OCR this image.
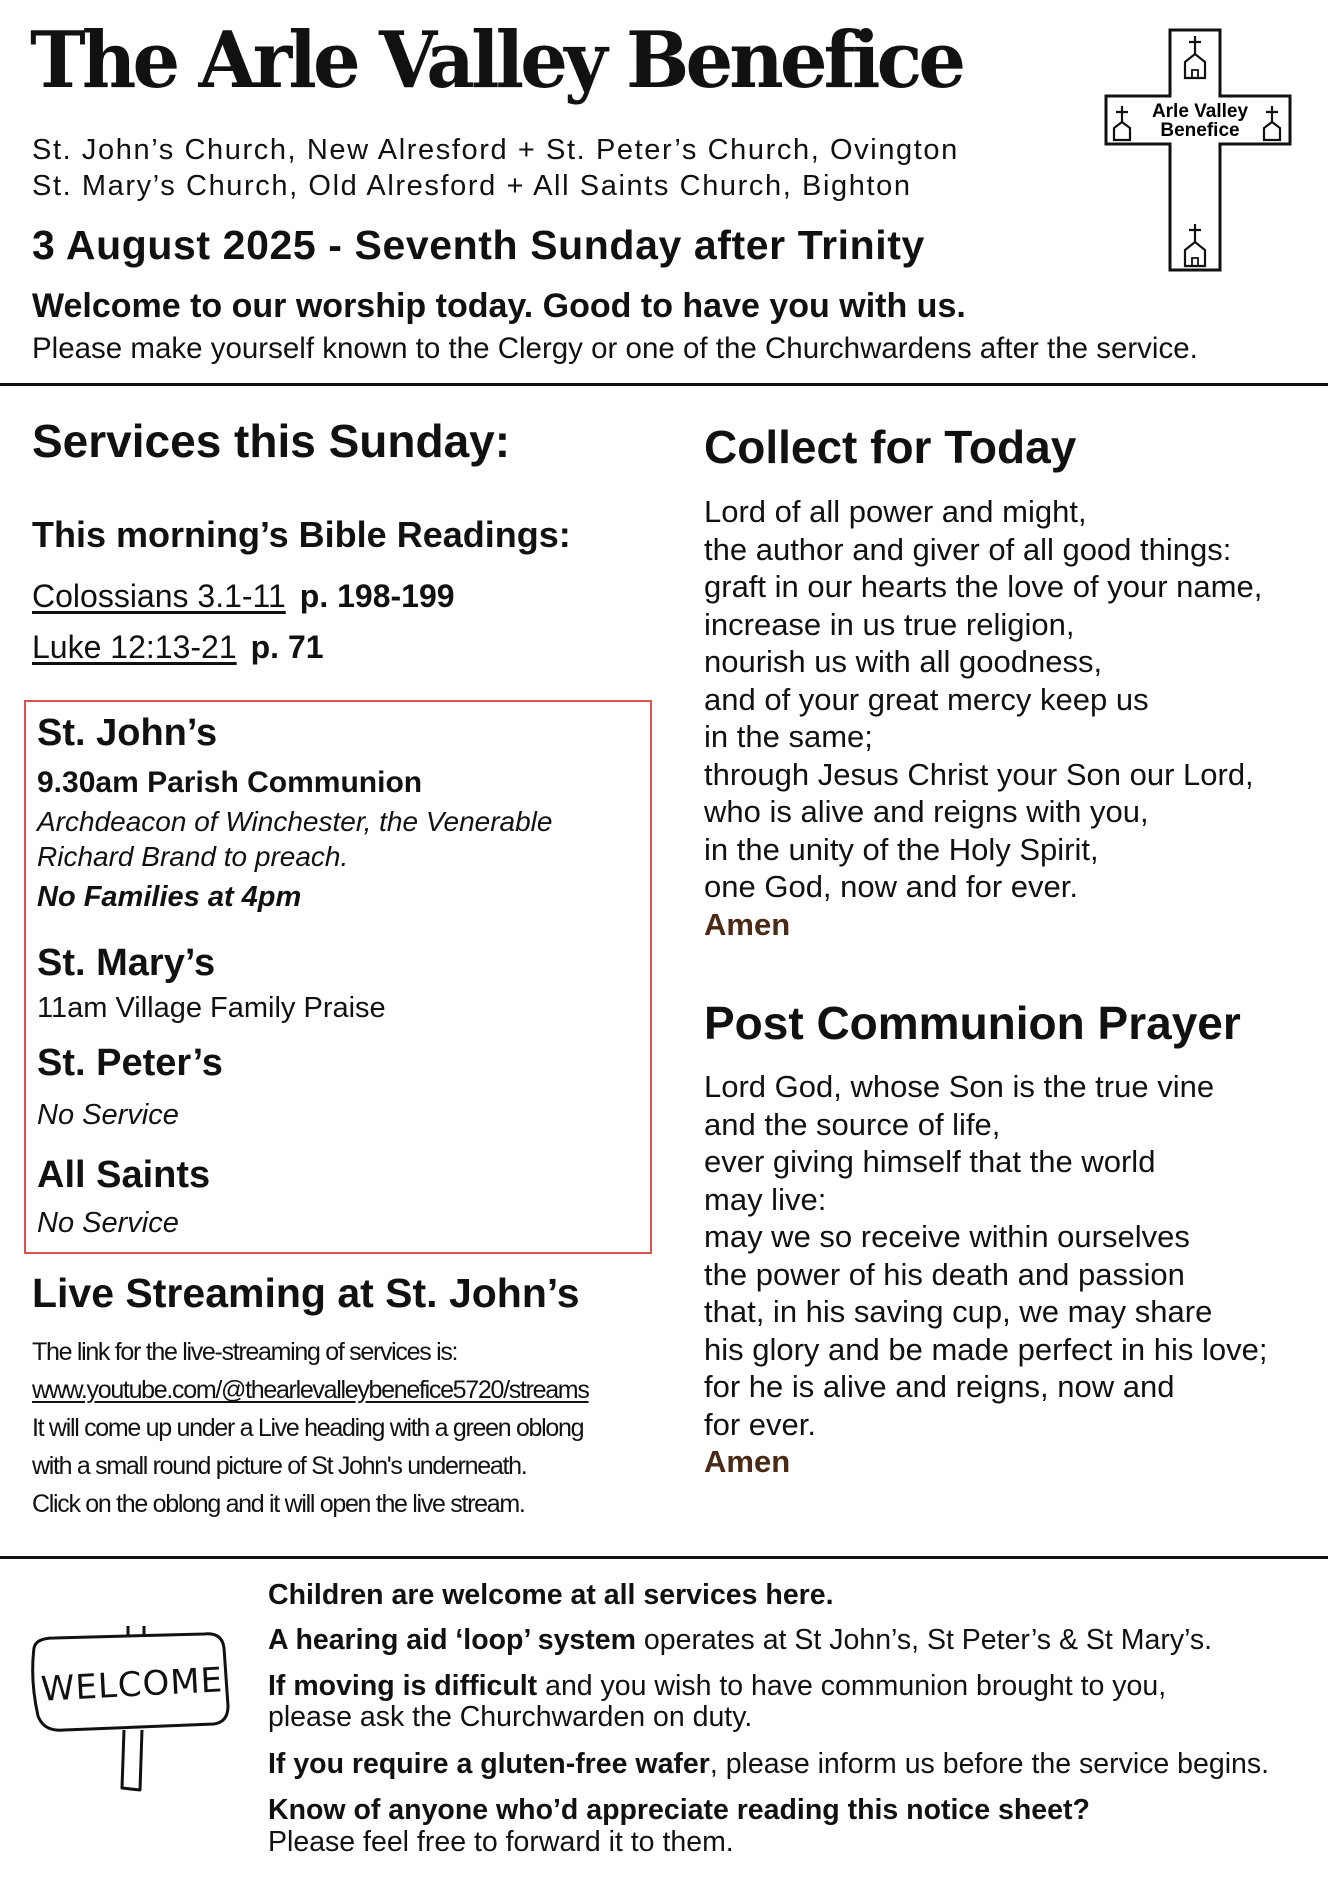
The Arle Valley Benefice
St. John’s Church, New Alresford + St. Peter’s Church, Ovington
St. Mary’s Church, Old Alresford + All Saints Church, Bighton
3 August 2025 - Seventh Sunday after Trinity
Welcome to our worship today. Good to have you with us.
Please make yourself known to the Clergy or one of the Churchwardens after the service.
Arle Valley
Benefice
Services this Sunday:
This morning’s Bible Readings:
Colossians 3.1-11 p. 198-199
Luke 12:13-21 p. 71
St. John’s
9.30am Parish Communion
Archdeacon of Winchester, the Venerable
Richard Brand to preach.
No Families at 4pm
St. Mary’s
11am Village Family Praise
St. Peter’s
No Service
All Saints
No Service
Live Streaming at St. John’s
The link for the live-streaming of services is:
www.youtube.com/@thearlevalleybenefice5720/streams
It will come up under a Live heading with a green oblong
with a small round picture of St John's underneath.
Click on the oblong and it will open the live stream.
Collect for Today
Lord of all power and might,
the author and giver of all good things:
graft in our hearts the love of your name,
increase in us true religion,
nourish us with all goodness,
and of your great mercy keep us
in the same;
through Jesus Christ your Son our Lord,
who is alive and reigns with you,
in the unity of the Holy Spirit,
one God, now and for ever.
Amen
Post Communion Prayer
Lord God, whose Son is the true vine
and the source of life,
ever giving himself that the world
may live:
may we so receive within ourselves
the power of his death and passion
that, in his saving cup, we may share
his glory and be made perfect in his love;
for he is alive and reigns, now and
for ever.
Amen
WELCOME
Children are welcome at all services here.
A hearing aid ‘loop’ system operates at St John’s, St Peter’s & St Mary’s.
If moving is difficult and you wish to have communion brought to you,
please ask the Churchwarden on duty.
If you require a gluten-free wafer, please inform us before the service begins.
Know of anyone who’d appreciate reading this notice sheet?
Please feel free to forward it to them.
